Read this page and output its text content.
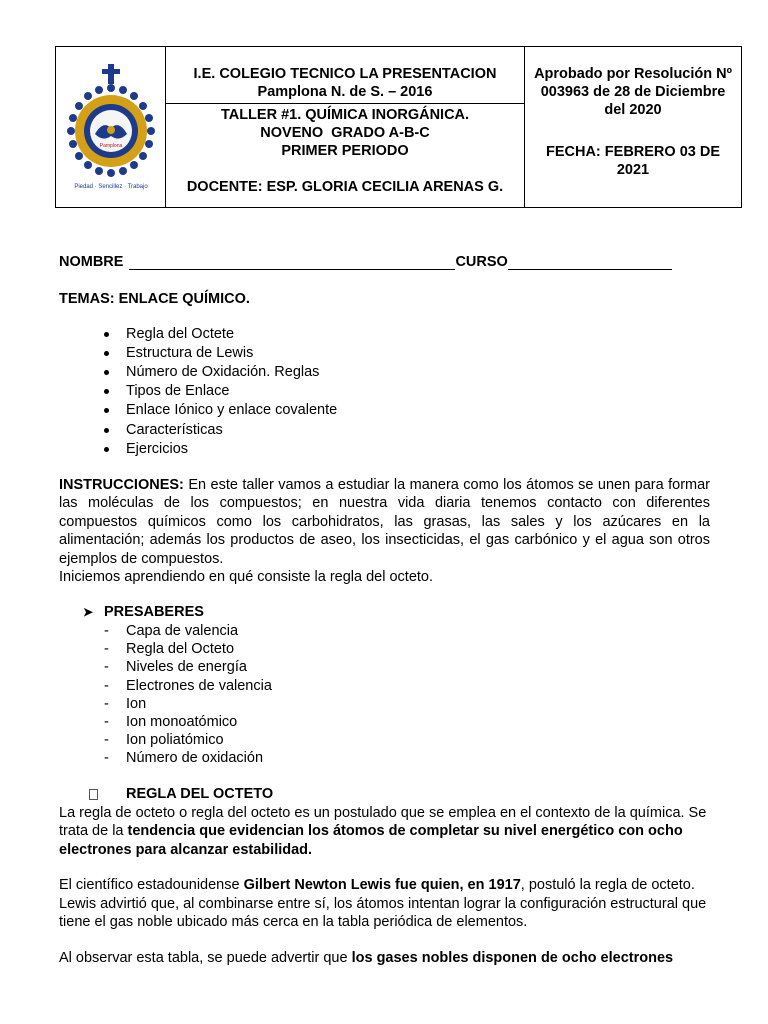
Pamplona
Piedad · Sencillez · Trabajo
I.E. COLEGIO TECNICO LA PRESENTACION
Pamplona N. de S. – 2016
TALLER #1. QUÍMICA INORGÁNICA.
NOVENO  GRADO A-B-C
PRIMER PERIODO
DOCENTE: ESP. GLORIA CECILIA ARENAS G.
Aprobado por Resolución Nº
003963 de 28 de Diciembre
del 2020
FECHA: FEBRERO 03 DE
2021
NOMBRE	CURSO
TEMAS: ENLACE QUÍMICO.
Regla del Octete
Estructura de Lewis
Número de Oxidación. Reglas
Tipos de Enlace
Enlace Iónico y enlace covalente
Características
Ejercicios
INSTRUCCIONES: En este taller vamos a estudiar la manera como los átomos se unen para formar las moléculas de los compuestos; en nuestra vida diaria tenemos contacto con diferentes compuestos químicos como los carbohidratos, las grasas, las sales y los azúcares en la alimentación; además los productos de aseo, los insecticidas, el gas carbónico y el agua son otros ejemplos de compuestos.
Iniciemos aprendiendo en qué consiste la regla del octeto.
➤ PRESABERES
- Capa de valencia
- Regla del Octeto
- Niveles de energía
- Electrones de valencia
- Ion
- Ion monoatómico
- Ion poliatómico
- Número de oxidación
REGLA DEL OCTETO
La regla de octeto o regla del octeto es un postulado que se emplea en el contexto de la química. Se trata de la tendencia que evidencian los átomos de completar su nivel energético con ocho electrones para alcanzar estabilidad.
El científico estadounidense Gilbert Newton Lewis fue quien, en 1917, postuló la regla de octeto. Lewis advirtió que, al combinarse entre sí, los átomos intentan lograr la configuración estructural que tiene el gas noble ubicado más cerca en la tabla periódica de elementos.
Al observar esta tabla, se puede advertir que los gases nobles disponen de ocho electrones
